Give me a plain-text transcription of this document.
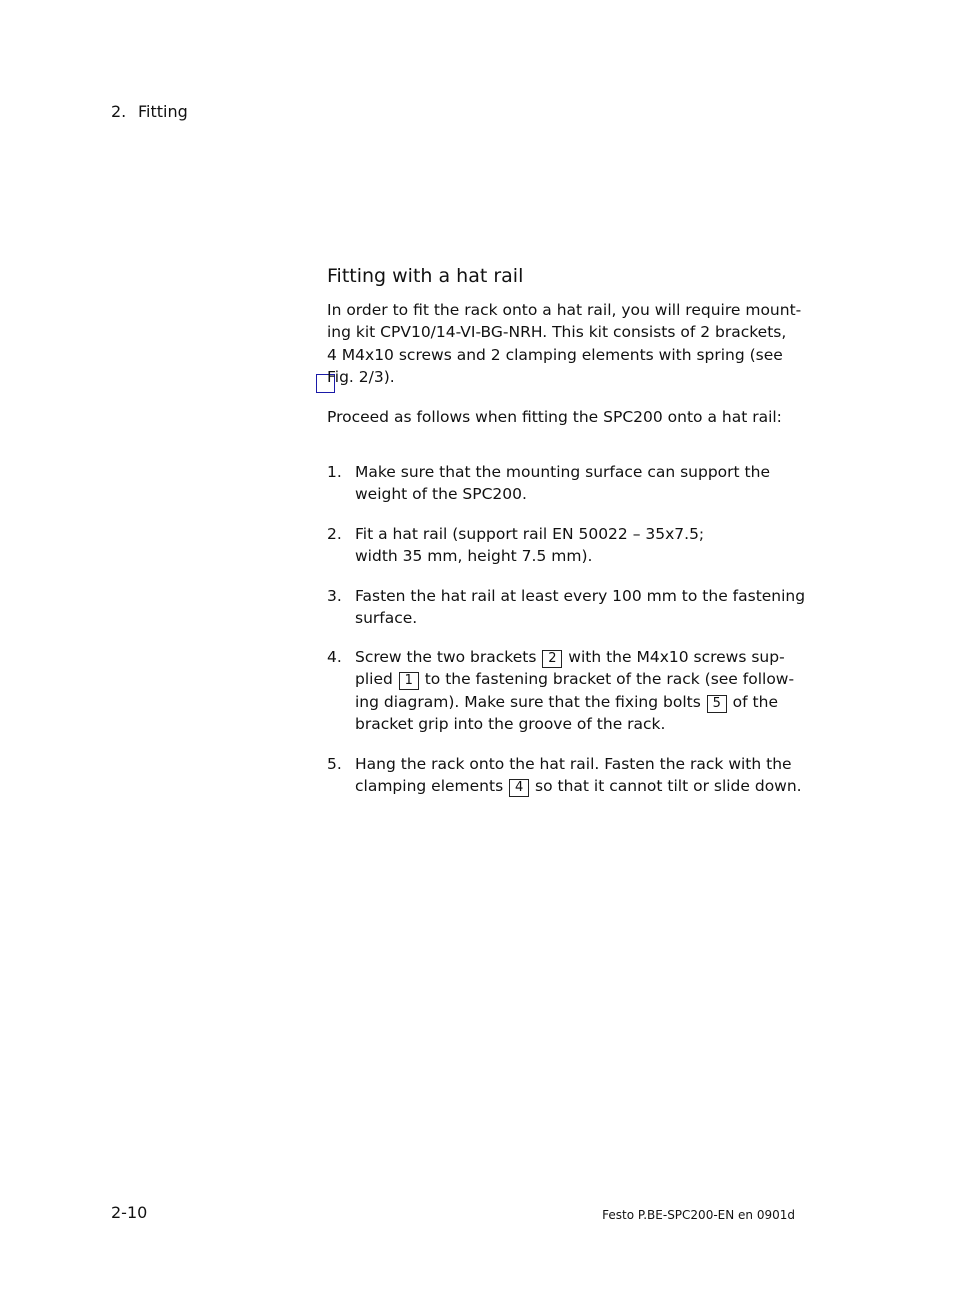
2. Fitting
Fitting with a hat rail

In order to fit the rack onto a hat rail, you will require mount-
ing kit CPV10/14-VI-BG-NRH. This kit consists of 2 brackets,
4 M4x10 screws and 2 clamping elements with spring (see
Fig. 2/3).

Proceed as follows when fitting the SPC200 onto a hat rail:

1. Make sure that the mounting surface can support the
weight of the SPC200.
2. Fit a hat rail (support rail EN 50022 – 35x7.5;
width 35 mm, height 7.5 mm).
3. Fasten the hat rail at least every 100 mm to the fastening
surface.
4. Screw the two brackets 2 with the M4x10 screws sup-
plied 1 to the fastening bracket of the rack (see follow-
ing diagram). Make sure that the fixing bolts 5 of the
bracket grip into the groove of the rack.
5. Hang the rack onto the hat rail. Fasten the rack with the
clamping elements 4 so that it cannot tilt or slide down.
2-10	Festo P.BE-SPC200-EN en 0901d
